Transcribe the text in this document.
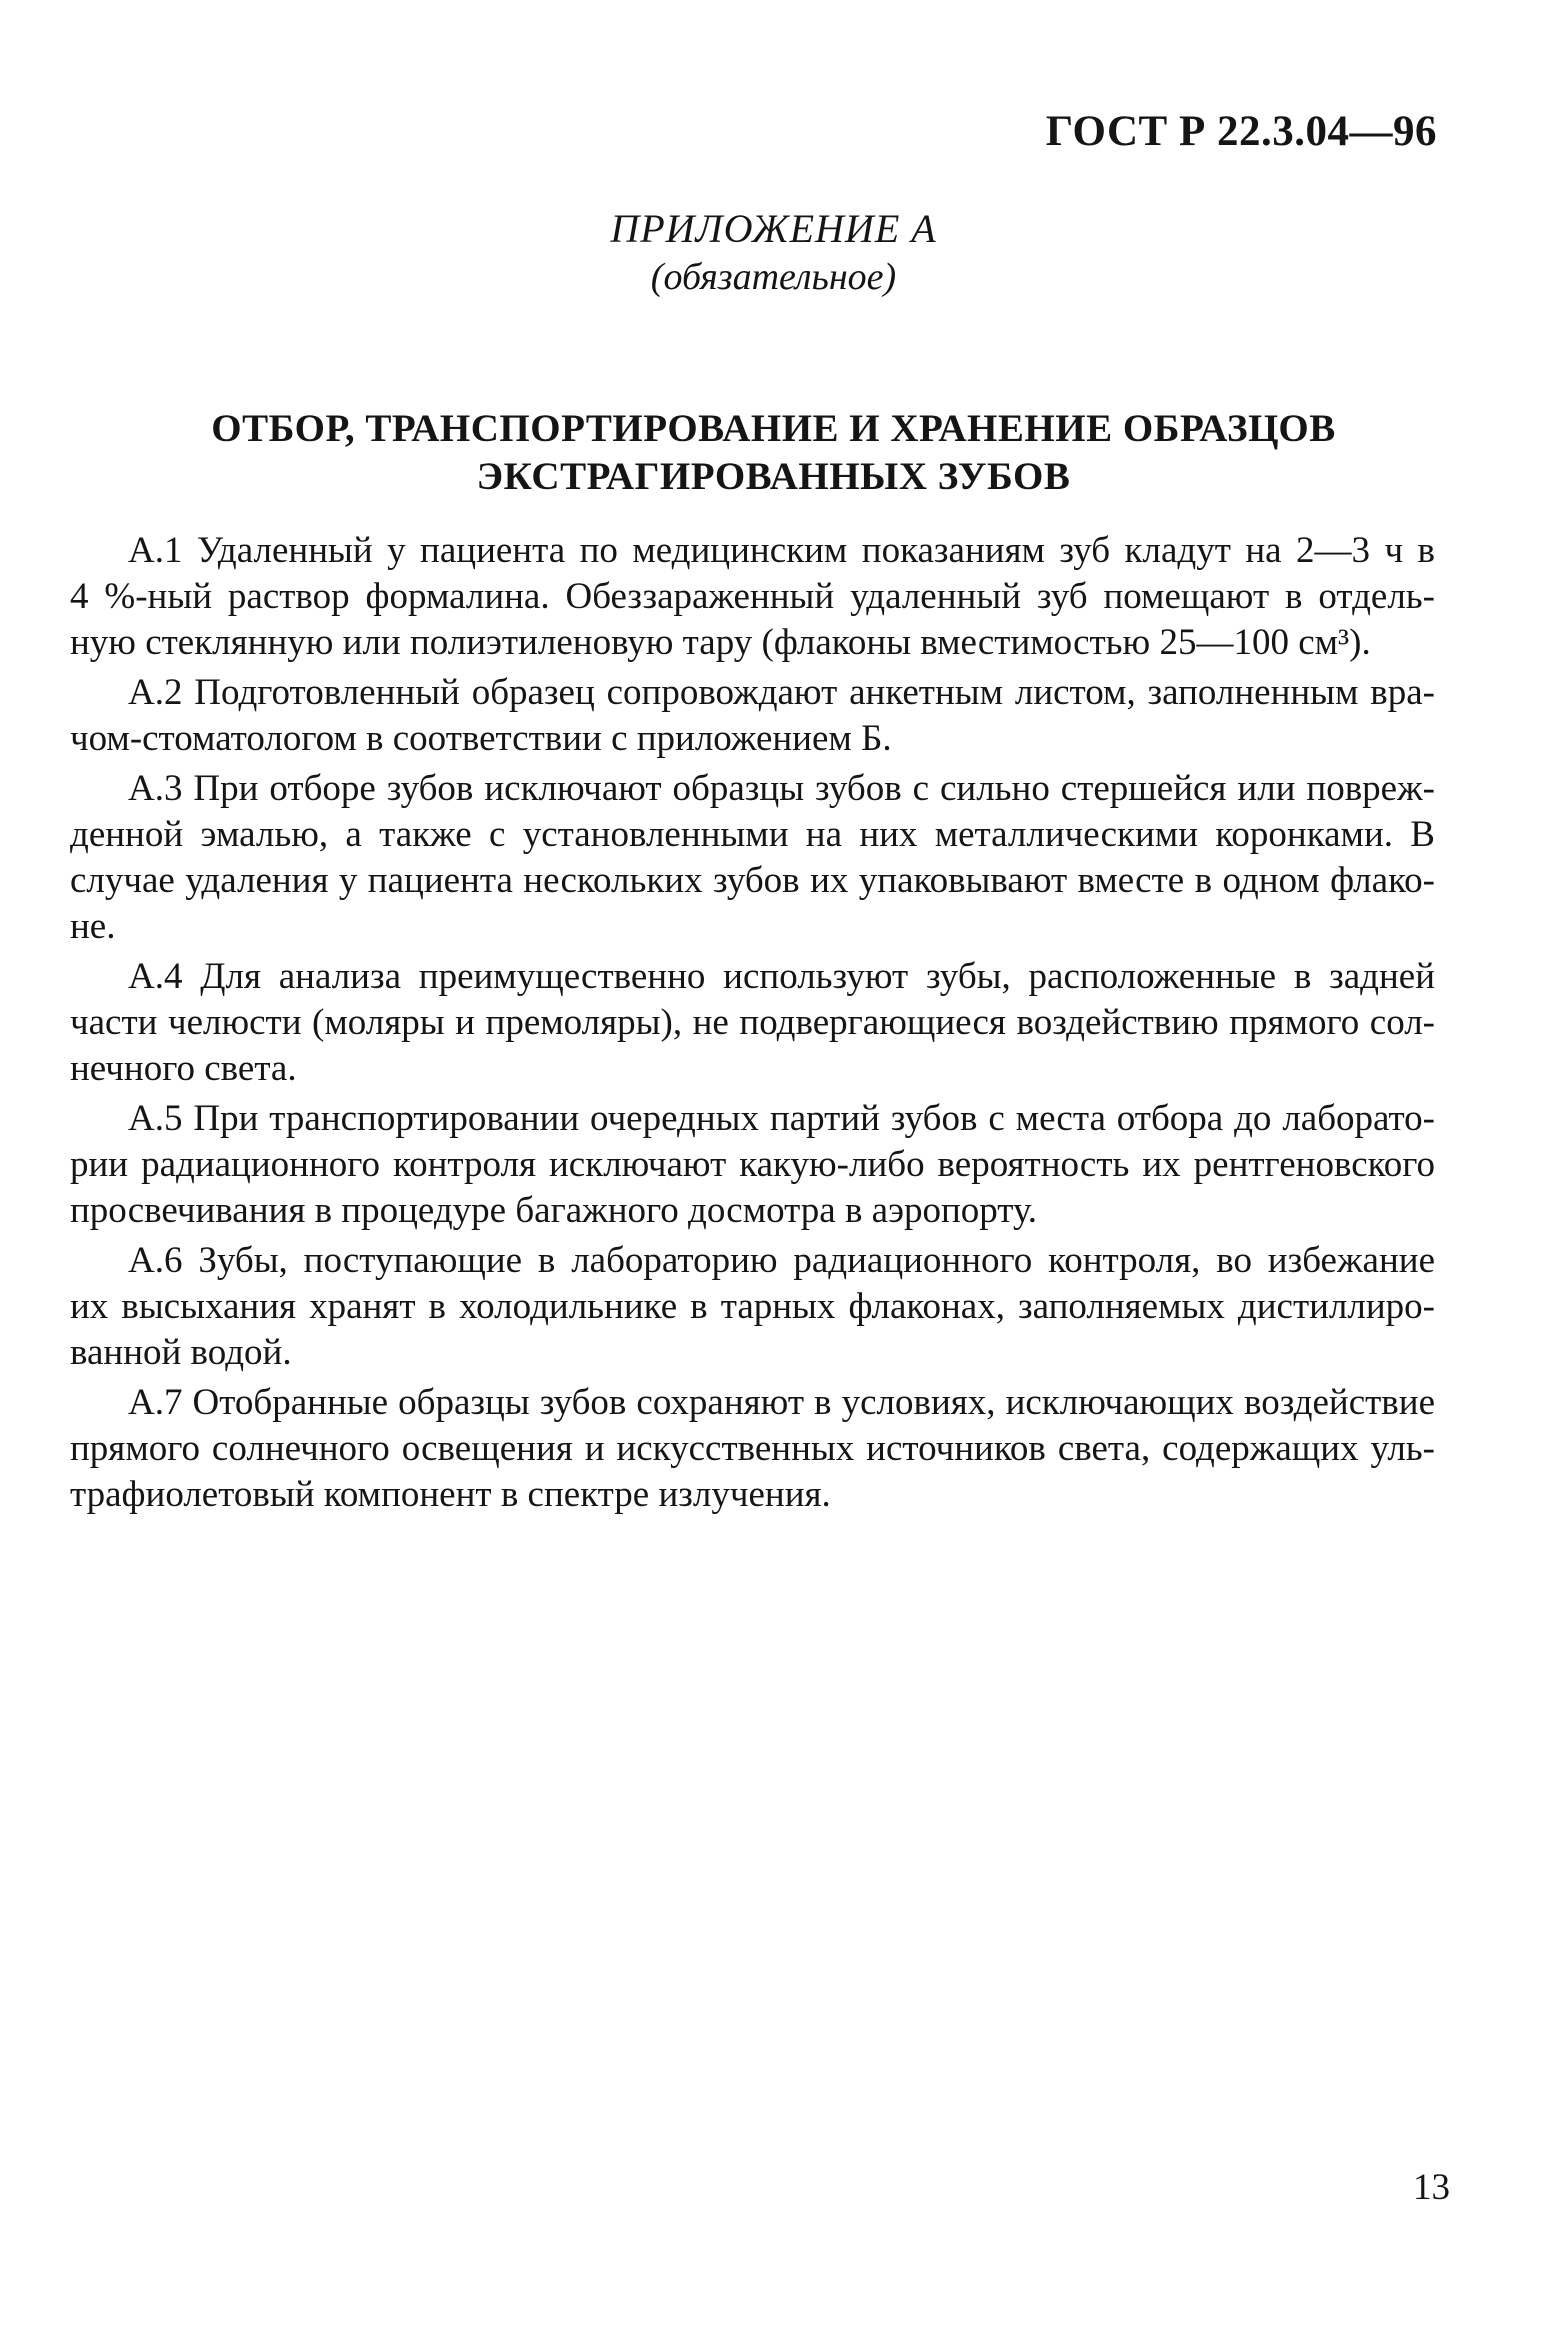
ГОСТ Р 22.3.04—96

ПРИЛОЖЕНИЕ А
(обязательное)
ОТБОР, ТРАНСПОРТИРОВАНИЕ И ХРАНЕНИЕ ОБРАЗЦОВ
ЭКСТРАГИРОВАННЫХ ЗУБОВ

А.1 Удаленный у пациента по медицинским показаниям зуб кладут на 2—3 ч в
4 %-ный раствор формалина. Обеззараженный удаленный зуб помещают в отдель-
ную стеклянную или полиэтиленовую тару (флаконы вместимостью 25—100 см³).

А.2 Подготовленный образец сопровождают анкетным листом, заполненным вра-
чом-стоматологом в соответствии с приложением Б.

А.3 При отборе зубов исключают образцы зубов с сильно стершейся или повреж-
денной эмалью, а также с установленными на них металлическими коронками. В
случае удаления у пациента нескольких зубов их упаковывают вместе в одном флако-
не.

А.4 Для анализа преимущественно используют зубы, расположенные в задней
части челюсти (моляры и премоляры), не подвергающиеся воздействию прямого сол-
нечного света.

А.5 При транспортировании очередных партий зубов с места отбора до лаборато-
рии радиационного контроля исключают какую-либо вероятность их рентгеновского
просвечивания в процедуре багажного досмотра в аэропорту.

А.6 Зубы, поступающие в лабораторию радиационного контроля, во избежание
их высыхания хранят в холодильнике в тарных флаконах, заполняемых дистиллиро-
ванной водой.

А.7 Отобранные образцы зубов сохраняют в условиях, исключающих воздействие
прямого солнечного освещения и искусственных источников света, содержащих уль-
трафиолетовый компонент в спектре излучения.

13
